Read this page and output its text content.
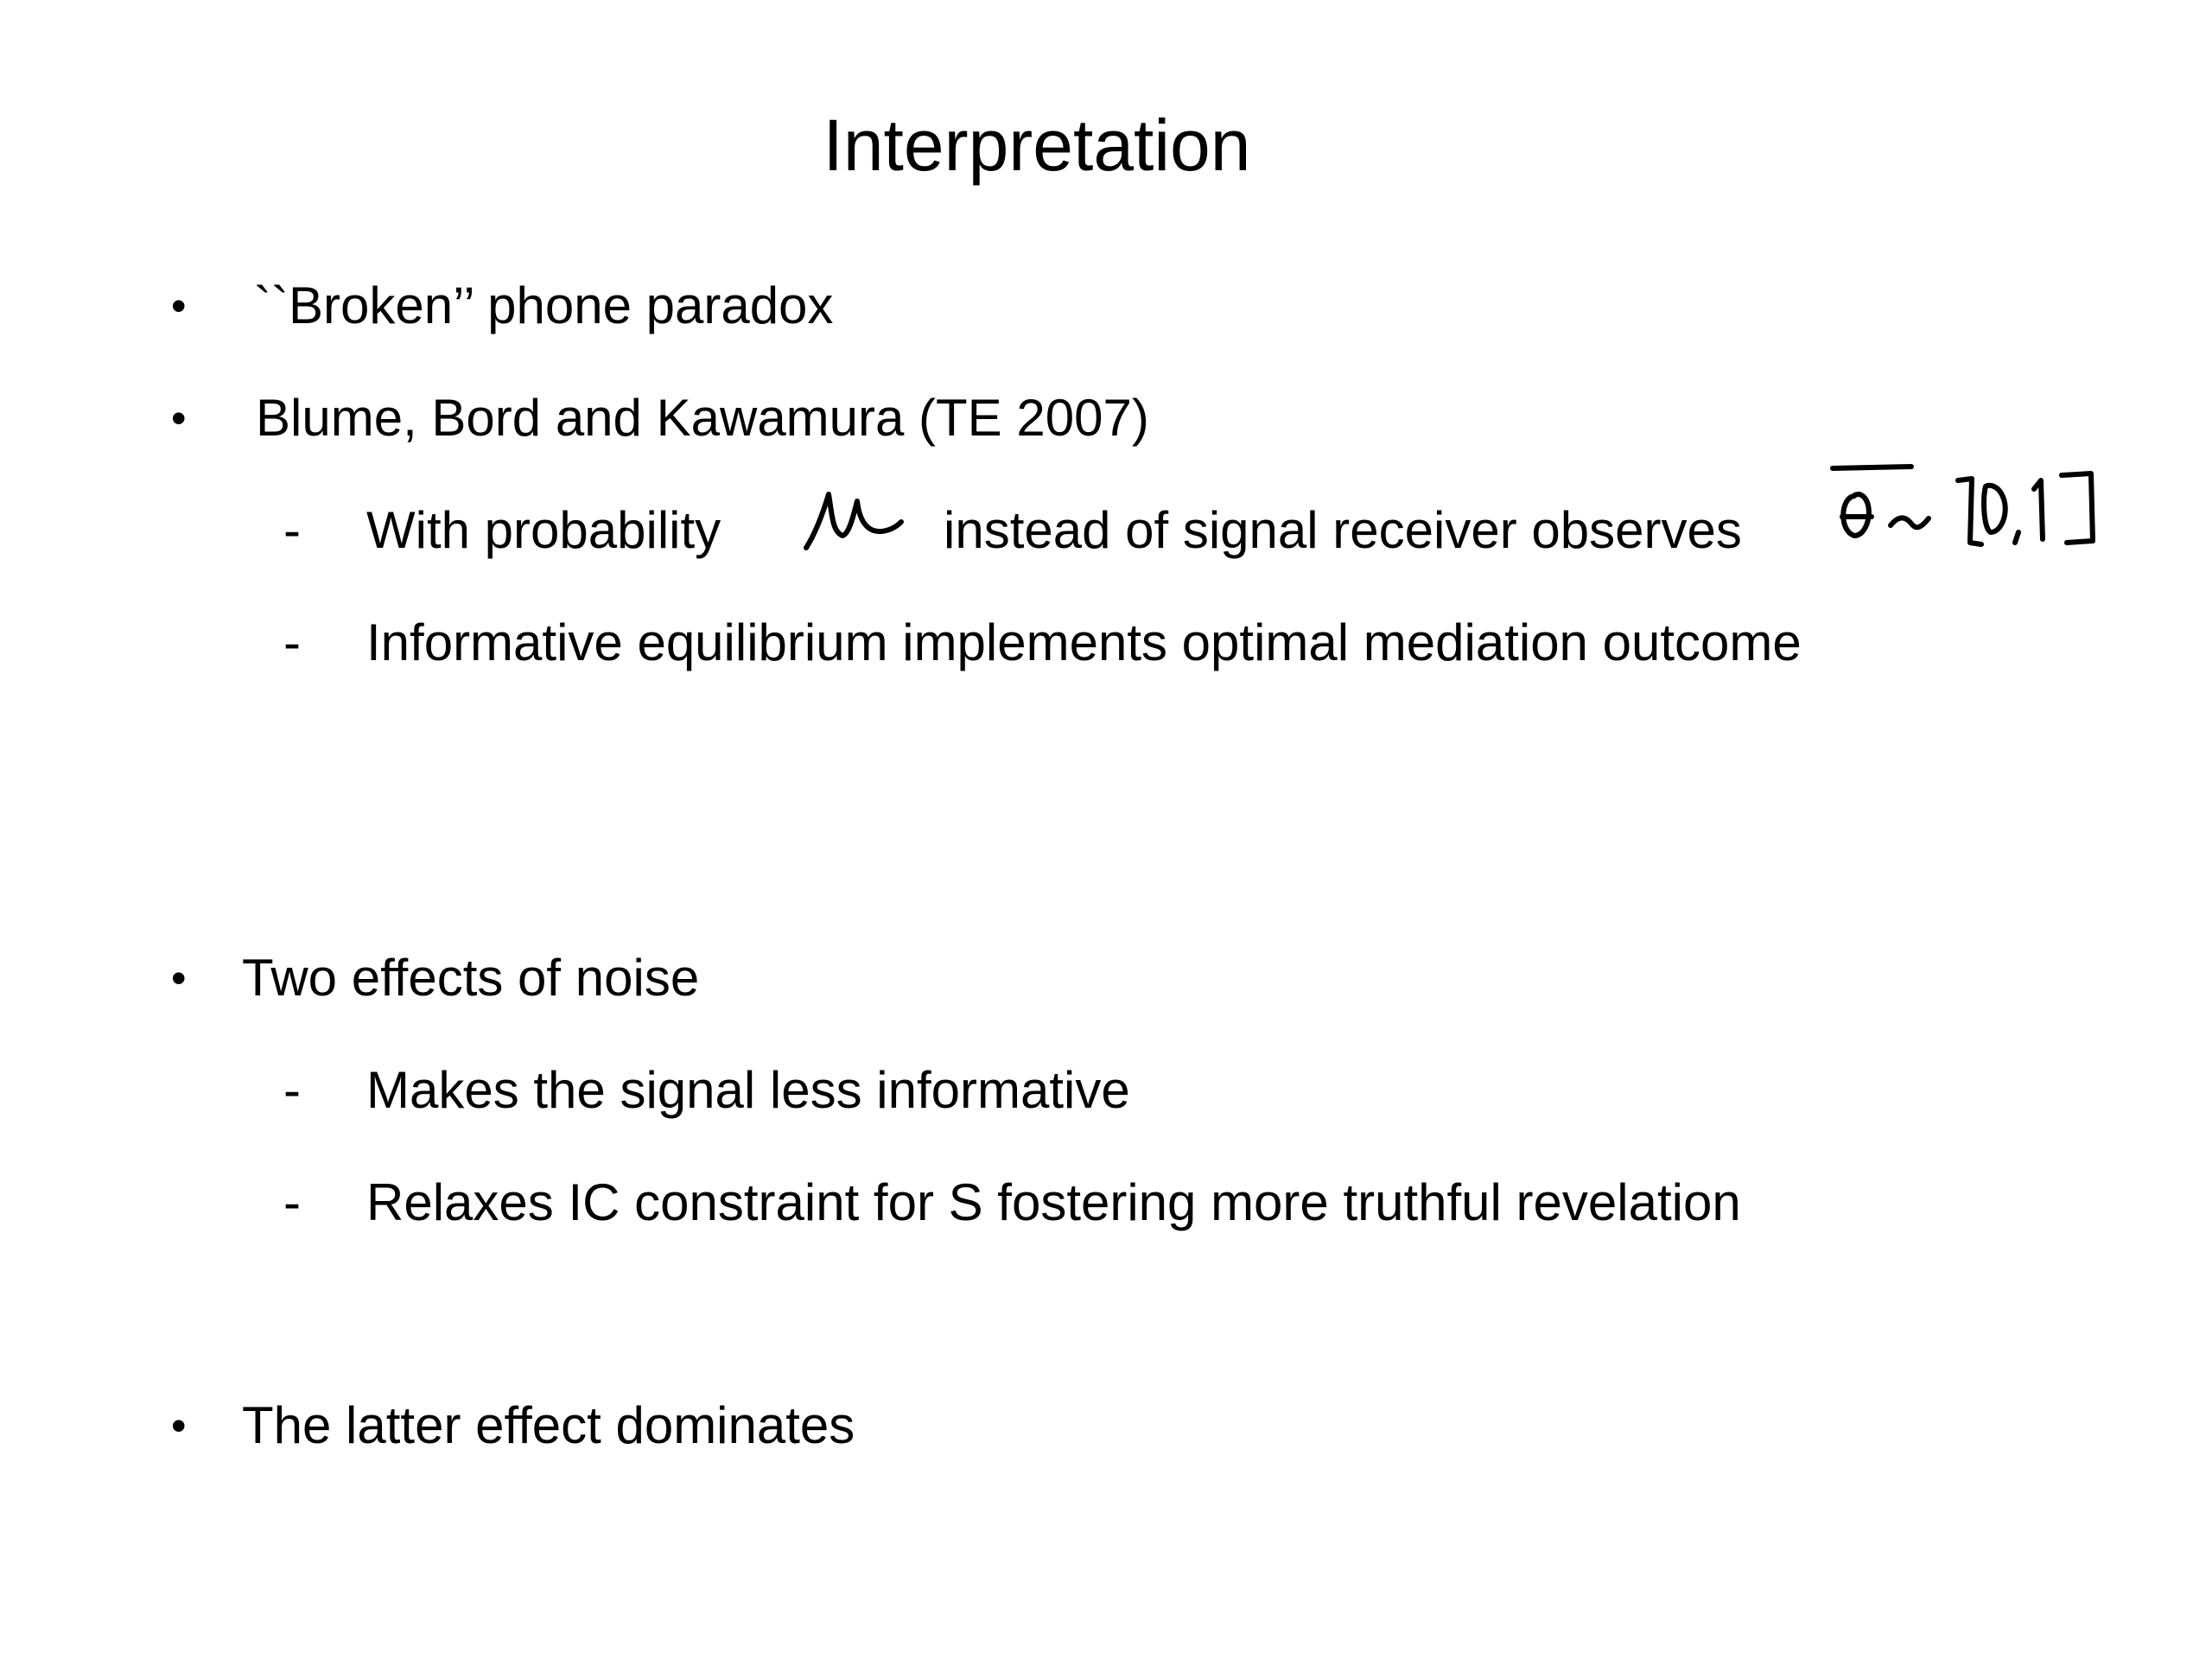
Interpretation
• ``Broken’’ phone paradox
• Blume, Bord and Kawamura (TE 2007)
- With probability	instead of signal receiver observes
- Informative equilibrium implements optimal mediation outcome
• Two effects of noise
- Makes the signal less informative
- Relaxes IC constraint for S fostering more truthful revelation
• The latter effect dominates
